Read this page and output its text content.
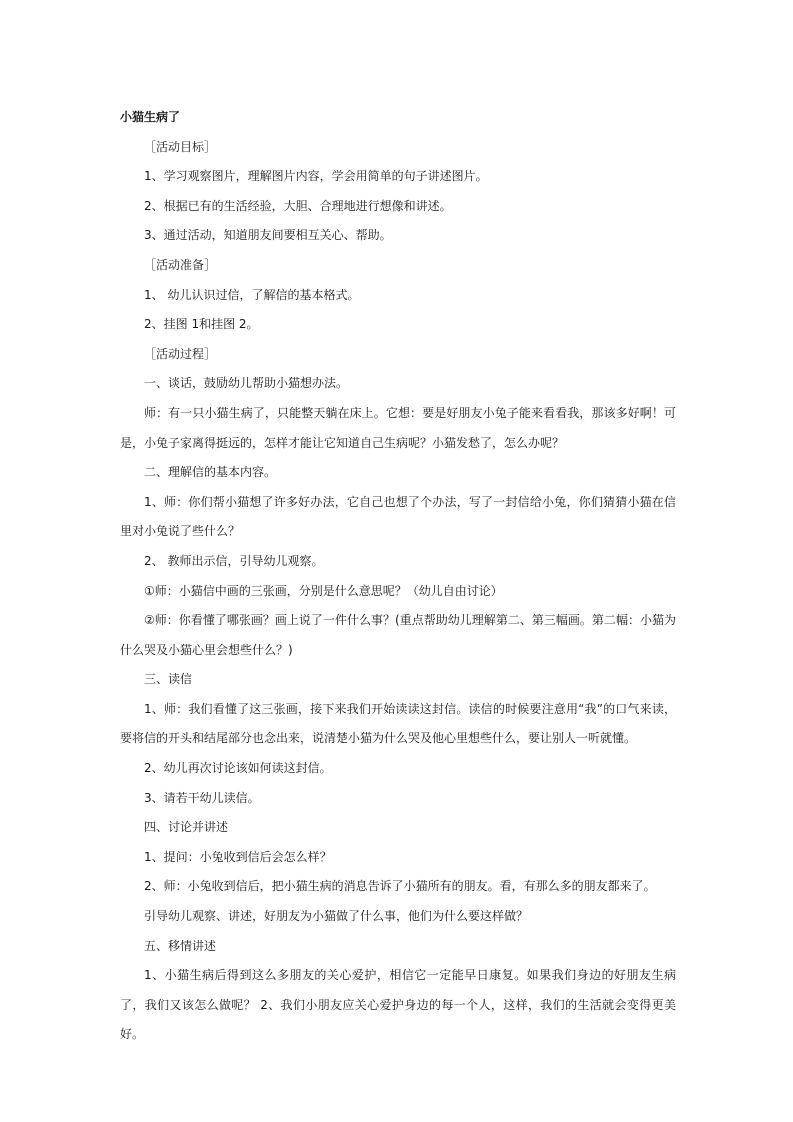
小猫生病了
［活动目标］
1、学习观察图片，理解图片内容，学会用简单的句子讲述图片。
2、根据已有的生活经验，大胆、合理地进行想像和讲述。
3、通过活动，知道朋友间要相互关心、帮助。
［活动准备］
1、 幼儿认识过信，了解信的基本格式。
2、挂图 1和挂图 2。
［活动过程］
一、谈话，鼓励幼儿帮助小猫想办法。
师：有一只小猫生病了，只能整天躺在床上。它想：要是好朋友小兔子能来看看我，那该多好啊！可是，小兔子家离得挺远的，怎样才能让它知道自己生病呢？小猫发愁了，怎么办呢？
二、理解信的基本内容。
1、师：你们帮小猫想了许多好办法，它自己也想了个办法，写了一封信给小兔，你们猜猜小猫在信里对小兔说了些什么？
2、 教师出示信，引导幼儿观察。
①师：小猫信中画的三张画，分别是什么意思呢？（幼儿自由讨论）
②师：你看懂了哪张画？画上说了一件什么事？(重点帮助幼儿理解第二、第三幅画。第二幅：小猫为什么哭及小猫心里会想些什么？)
三、读信
1、师：我们看懂了这三张画，接下来我们开始读读这封信。读信的时候要注意用“我”的口气来读，要将信的开头和结尾部分也念出来，说清楚小猫为什么哭及他心里想些什么，要让别人一听就懂。
2、幼儿再次讨论该如何读这封信。
3、请若干幼儿读信。
四、讨论并讲述
1、提问：小兔收到信后会怎么样？
2、师：小兔收到信后，把小猫生病的消息告诉了小猫所有的朋友。看，有那么多的朋友都来了。
引导幼儿观察、讲述，好朋友为小猫做了什么事，他们为什么要这样做？
五、移情讲述
1、小猫生病后得到这么多朋友的关心爱护，相信它一定能早日康复。如果我们身边的好朋友生病了，我们又该怎么做呢？ 2、我们小朋友应关心爱护身边的每一个人，这样，我们的生活就会变得更美好。
